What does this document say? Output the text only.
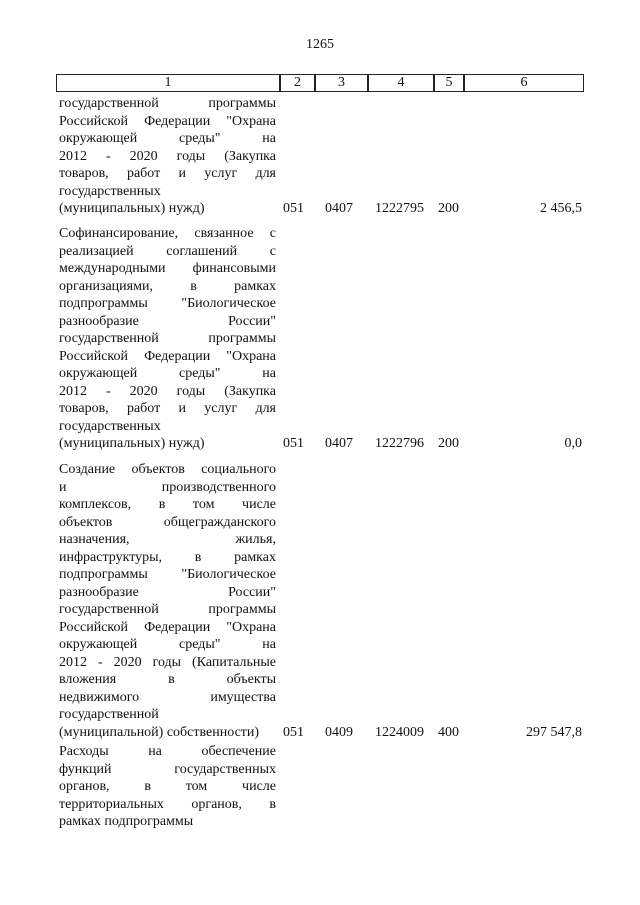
1265
1	2	3	4	5	6
государственной программы
Российской Федерации "Охрана
окружающей среды" на
2012 - 2020 годы (Закупка
товаров, работ и услуг для
государственных
(муниципальных) нужд)	051 0407 1222795 200	2 456,5
Софинансирование, связанное с
реализацией соглашений с
международными финансовыми
организациями, в рамках
подпрограммы "Биологическое
разнообразие России"
государственной программы
Российской Федерации "Охрана
окружающей среды" на
2012 - 2020 годы (Закупка
товаров, работ и услуг для
государственных
(муниципальных) нужд)	051 0407 1222796 200	0,0
Создание объектов социального
и производственного
комплексов, в том числе
объектов общегражданского
назначения, жилья,
инфраструктуры, в рамках
подпрограммы "Биологическое
разнообразие России"
государственной программы
Российской Федерации "Охрана
окружающей среды" на
2012 - 2020 годы (Капитальные
вложения в объекты
недвижимого имущества
государственной
(муниципальной) собственности)	051 0409 1224009 400	297 547,8
Расходы на обеспечение
функций государственных
органов, в том числе
территориальных органов, в
рамках подпрограммы
